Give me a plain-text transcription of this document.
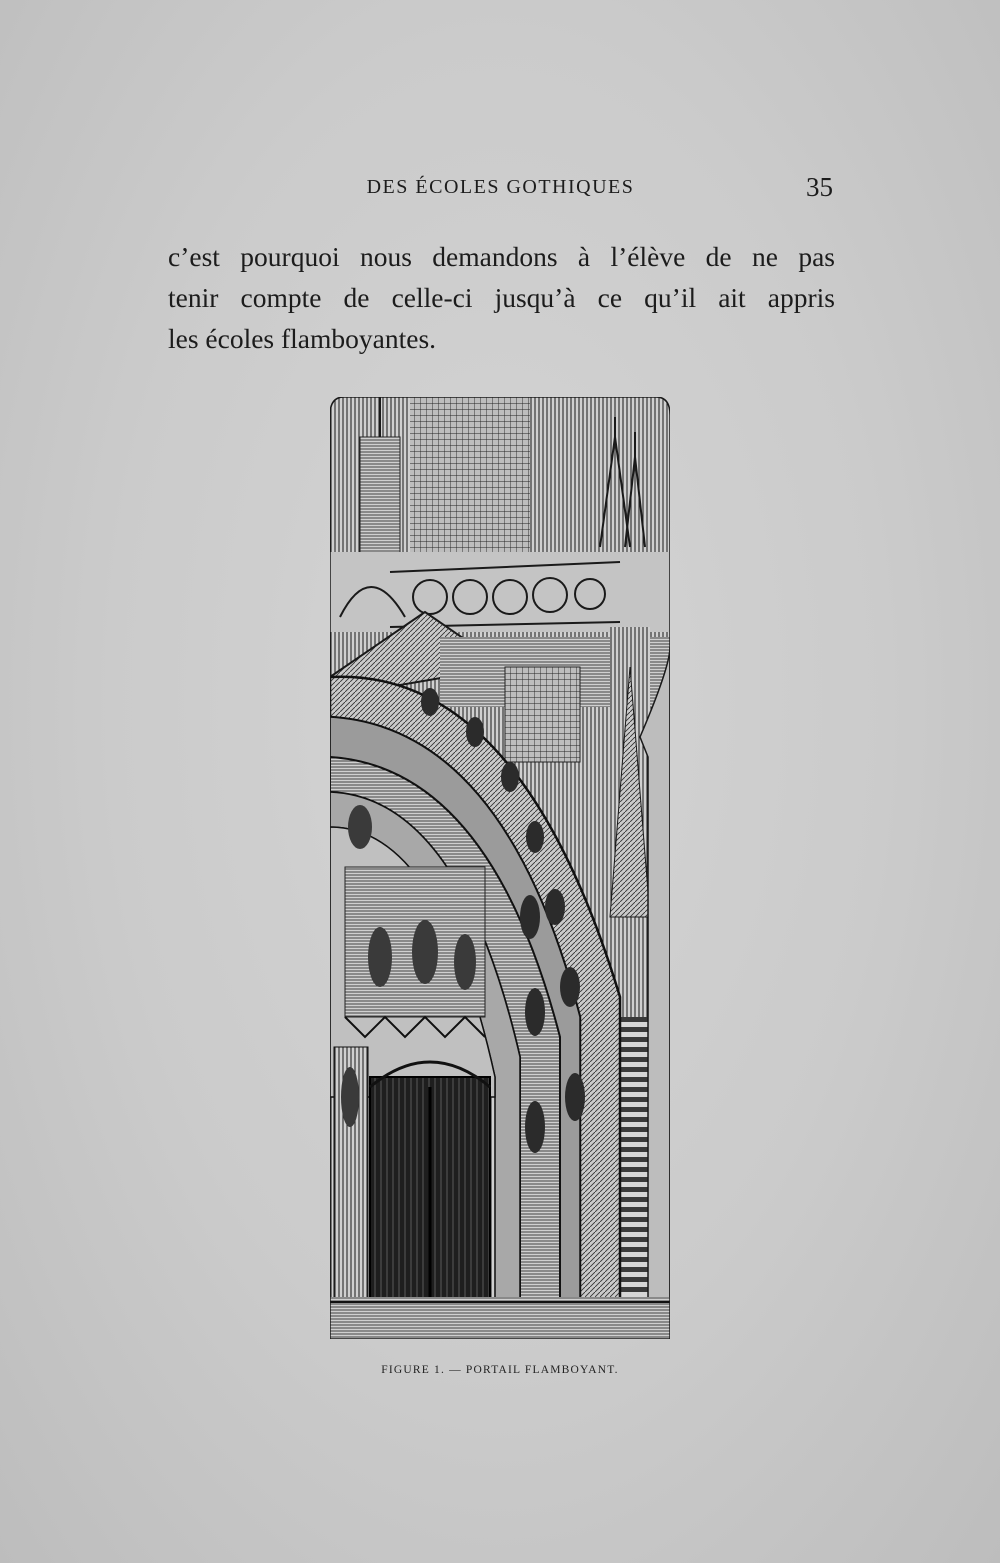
DES ÉCOLES GOTHIQUES	35
c’est pourquoi nous demandons à l’élève de ne pas
tenir compte de celle-ci jusqu’à ce qu’il ait appris
les écoles flamboyantes.
FIGURE 1. — PORTAIL FLAMBOYANT.
